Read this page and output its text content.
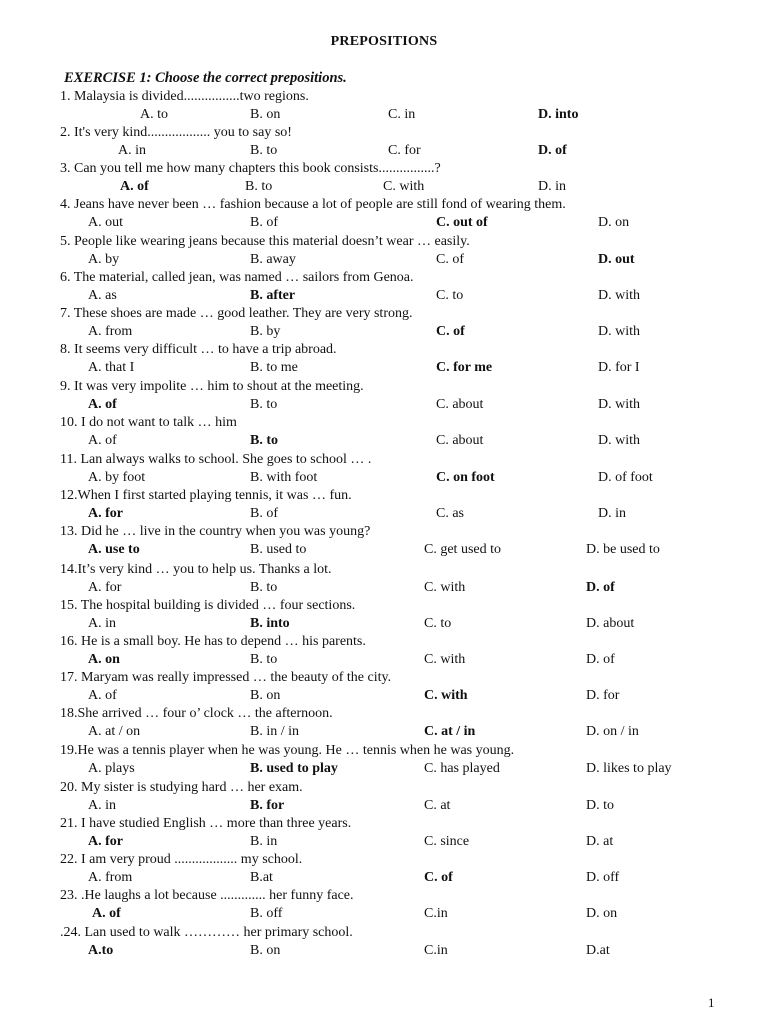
PREPOSITIONS
EXERCISE 1: Choose the correct prepositions.
1. Malaysia is divided................two regions.
A. to	B. on	C. in	D. into
2. It's very kind.................. you to say so!
A. in	B. to	C. for	D. of
3. Can you tell me how many chapters this book consists................?
A. of	B. to	C. with	D. in
4. Jeans have never been … fashion because a lot of people are still fond of wearing them.
A. out	B. of	C. out of	D. on
5. People like wearing jeans because this material doesn’t wear … easily.
A. by	B. away	C. of	D. out
6. The material, called jean, was named … sailors from Genoa.
A. as	B. after	C. to	D. with
7. These shoes are made … good leather. They are very strong.
A. from	B. by	C. of	D. with
8. It seems very difficult … to have a trip abroad.
A. that I	B. to me	C. for me	D. for I
9. It was very impolite … him to shout at the meeting.
A. of	B. to	C. about	D. with
10. I do not want to talk … him
A. of	B. to	C. about	D. with
11. Lan always walks to school. She goes to school … .
A. by foot	B. with foot	C. on foot	D. of foot
12.When I first started playing tennis, it was … fun.
A. for	B. of	C. as	D. in
13. Did he … live in the country when you was young?
A. use to	B. used to	C. get used to	D. be used to
14.It’s very kind … you to help us. Thanks a lot.
A. for	B. to	C. with	D. of
15. The hospital building is divided … four sections.
A. in	B. into	C. to	D. about
16. He is a small boy. He has to depend … his parents.
A. on	B. to	C. with	D. of
17. Maryam was really impressed … the beauty of the city.
A. of	B. on	C. with	D. for
18.She arrived … four o’ clock … the afternoon.
A. at / on	B. in / in	C. at / in	D. on / in
19.He was a tennis player when he was young. He … tennis when he was young.
A. plays	B. used to play	C. has played	D. likes to play
20. My sister is studying hard … her exam.
A. in	B. for	C. at	D. to
21. I have studied English … more than three years.
A. for	B. in	C. since	D. at
22. I am very proud .................. my school.
A. from	B.at	C. of	D. off
23. .He laughs a lot because ............. her funny face.
A. of	B. off	C.in	D. on
.24. Lan used to walk ………… her primary school.
A.to	B. on	C.in	D.at
1
